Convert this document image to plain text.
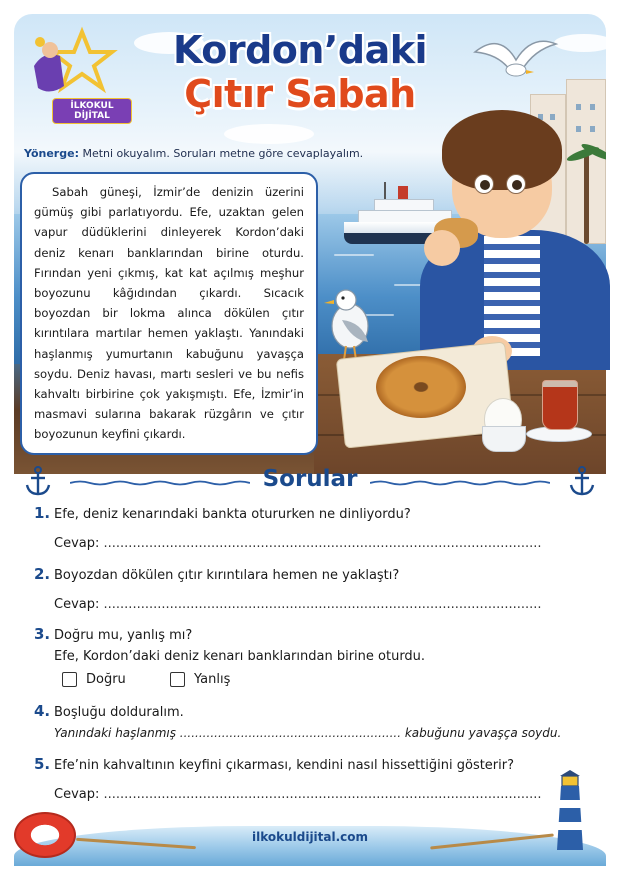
İLKOKUL
DİJİTAL
Kordon’daki
Çıtır Sabah
Yönerge: Metni okuyalım. Soruları metne göre cevaplayalım.

Sabah güneşi, İzmir’de denizin üzerini gümüş gibi parlatıyordu. Efe, uzaktan gelen vapur düdüklerini dinleyerek Kordon’daki deniz kenarı banklarından birine oturdu. Fırından yeni çıkmış, kat kat açılmış meşhur boyozunu kâğıdından çıkardı. Sıcacık boyozdan bir lokma alınca dökülen çıtır kırıntılara martılar hemen yaklaştı. Yanındaki haşlanmış yumurtanın kabuğunu yavaşça soydu. Deniz havası, martı sesleri ve bu nefis kahvaltı birbirine çok yakışmıştı. Efe, İzmir’in masmavi sularına bakarak rüzgârın ve çıtır boyozunun keyfini çıkardı.

Sorular
1. Efe, deniz kenarındaki bankta otururken ne dinliyordu?
Cevap: ..........................................................................................................
2. Boyozdan dökülen çıtır kırıntılara hemen ne yaklaştı?
Cevap: ..........................................................................................................
3. Doğru mu, yanlış mı?
Efe, Kordon’daki deniz kenarı banklarından birine oturdu.
Doğru	Yanlış
4. Boşluğu dolduralım.
Yanındaki haşlanmış .......................................................... kabuğunu yavaşça soydu.
5. Efe’nin kahvaltının keyfini çıkarması, kendini nasıl hissettiğini gösterir?
Cevap: ..........................................................................................................
ilkokuldijital.com
